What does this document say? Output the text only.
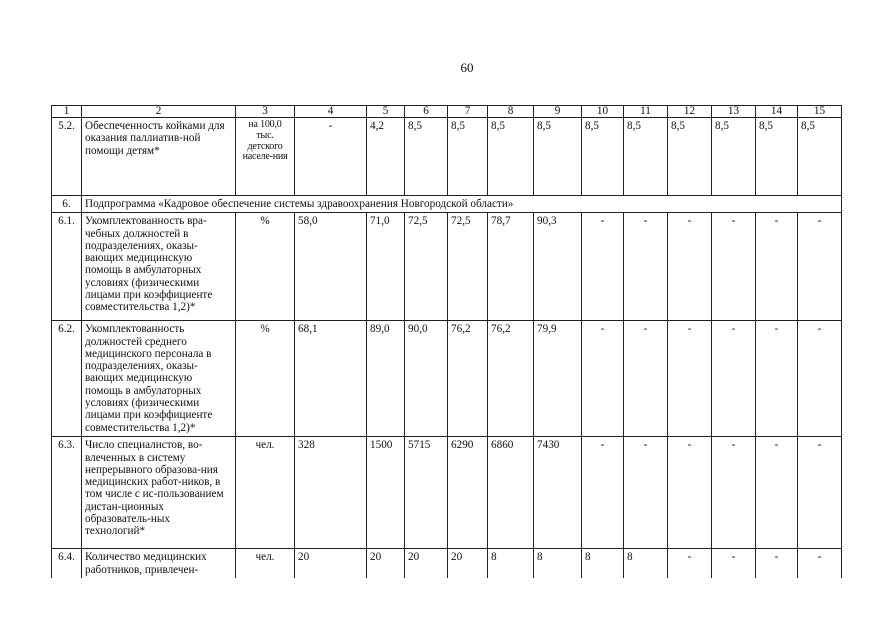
60
1	2	3	4	5	6	7	8	9	10	11	12	13	14	15
5.2.	Обеспеченность койками для оказания паллиатив-ной помощи детям*	на 100,0 тыс. детского населе-ния	-	4,2	8,5	8,5	8,5	8,5	8,5	8,5	8,5	8,5	8,5	8,5
6.	Подпрограмма «Кадровое обеспечение системы здравоохранения Новгородской области»													
6.1.	Укомплектованность вра-чебных должностей в подразделениях, оказы-вающих медицинскую помощь в амбулаторных условиях (физическими лицами при коэффициенте совместительства 1,2)*	%	58,0	71,0	72,5	72,5	78,7	90,3	-	-	-	-	-	-
6.2.	Укомплектованность должностей среднего медицинского персонала в подразделениях, оказы-вающих медицинскую помощь в амбулаторных условиях (физическими лицами при коэффициенте совместительства 1,2)*	%	68,1	89,0	90,0	76,2	76,2	79,9	-	-	-	-	-	-
6.3.	Число специалистов, во-влеченных в систему непрерывного образова-ния медицинских работ-ников, в том числе с ис-пользованием дистан-ционных образователь-ных технологий*	чел.	328	1500	5715	6290	6860	7430	-	-	-	-	-	-
6.4.	Количество медицинских работников, привлечен-	чел.	20	20	20	20	8	8	8	8	-	-	-	-
